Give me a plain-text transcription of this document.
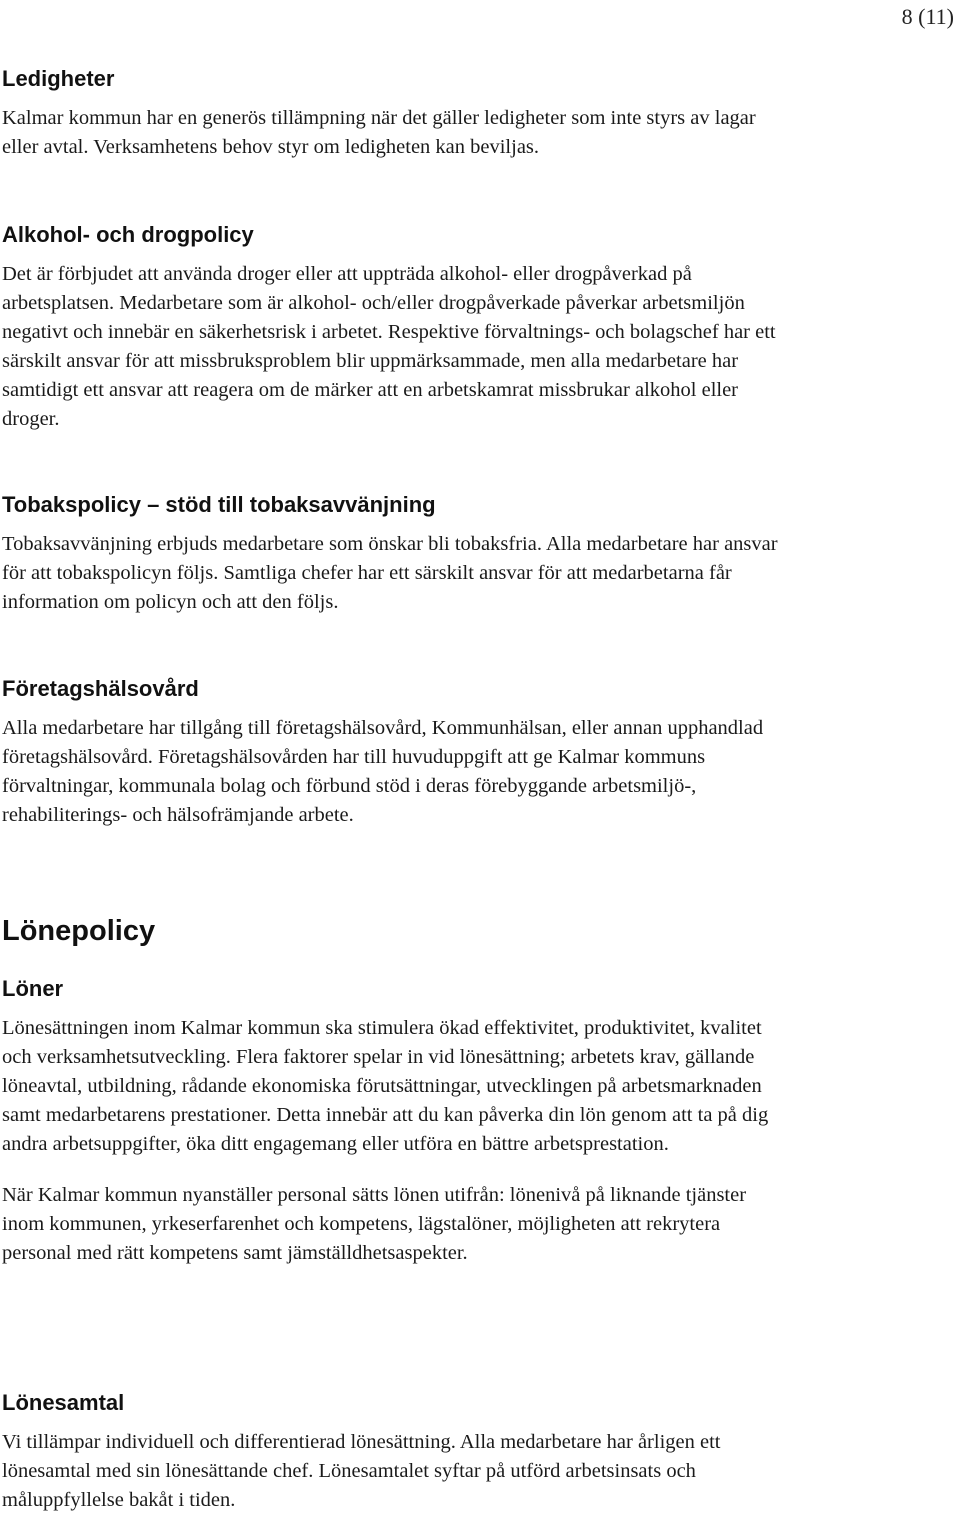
8 (11)
Ledigheter

Kalmar kommun har en generös tillämpning när det gäller ledigheter som inte styrs av lagar eller avtal. Verksamhetens behov styr om ledigheten kan beviljas.

Alkohol- och drogpolicy

Det är förbjudet att använda droger eller att uppträda alkohol- eller drogpåverkad på arbetsplatsen. Medarbetare som är alkohol- och/eller drogpåverkade påverkar arbetsmiljön negativt och innebär en säkerhetsrisk i arbetet. Respektive förvaltnings- och bolagschef har ett särskilt ansvar för att missbruksproblem blir uppmärksammade, men alla medarbetare har samtidigt ett ansvar att reagera om de märker att en arbetskamrat missbrukar alkohol eller droger.

Tobakspolicy – stöd till tobaksavvänjning

Tobaksavvänjning erbjuds medarbetare som önskar bli tobaksfria. Alla medarbetare har ansvar för att tobakspolicyn följs. Samtliga chefer har ett särskilt ansvar för att medarbetarna får information om policyn och att den följs.

Företagshälsovård

Alla medarbetare har tillgång till företagshälsovård, Kommunhälsan, eller annan upphandlad företagshälsovård. Företagshälsovården har till huvuduppgift att ge Kalmar kommuns förvaltningar, kommunala bolag och förbund stöd i deras förebyggande arbetsmiljö-, rehabiliterings- och hälsofrämjande arbete.

Lönepolicy
Löner

Lönesättningen inom Kalmar kommun ska stimulera ökad effektivitet, produktivitet, kvalitet och verksamhetsutveckling. Flera faktorer spelar in vid lönesättning; arbetets krav, gällande löneavtal, utbildning, rådande ekonomiska förutsättningar, utvecklingen på arbetsmarknaden samt medarbetarens prestationer. Detta innebär att du kan påverka din lön genom att ta på dig andra arbetsuppgifter, öka ditt engagemang eller utföra en bättre arbetsprestation.

När Kalmar kommun nyanställer personal sätts lönen utifrån: lönenivå på liknande tjänster inom kommunen, yrkeserfarenhet och kompetens, lägstalöner, möjligheten att rekrytera personal med rätt kompetens samt jämställdhetsaspekter.

Lönesamtal

Vi tillämpar individuell och differentierad lönesättning. Alla medarbetare har årligen ett lönesamtal med sin lönesättande chef. Lönesamtalet syftar på utförd arbetsinsats och måluppfyllelse bakåt i tiden.
